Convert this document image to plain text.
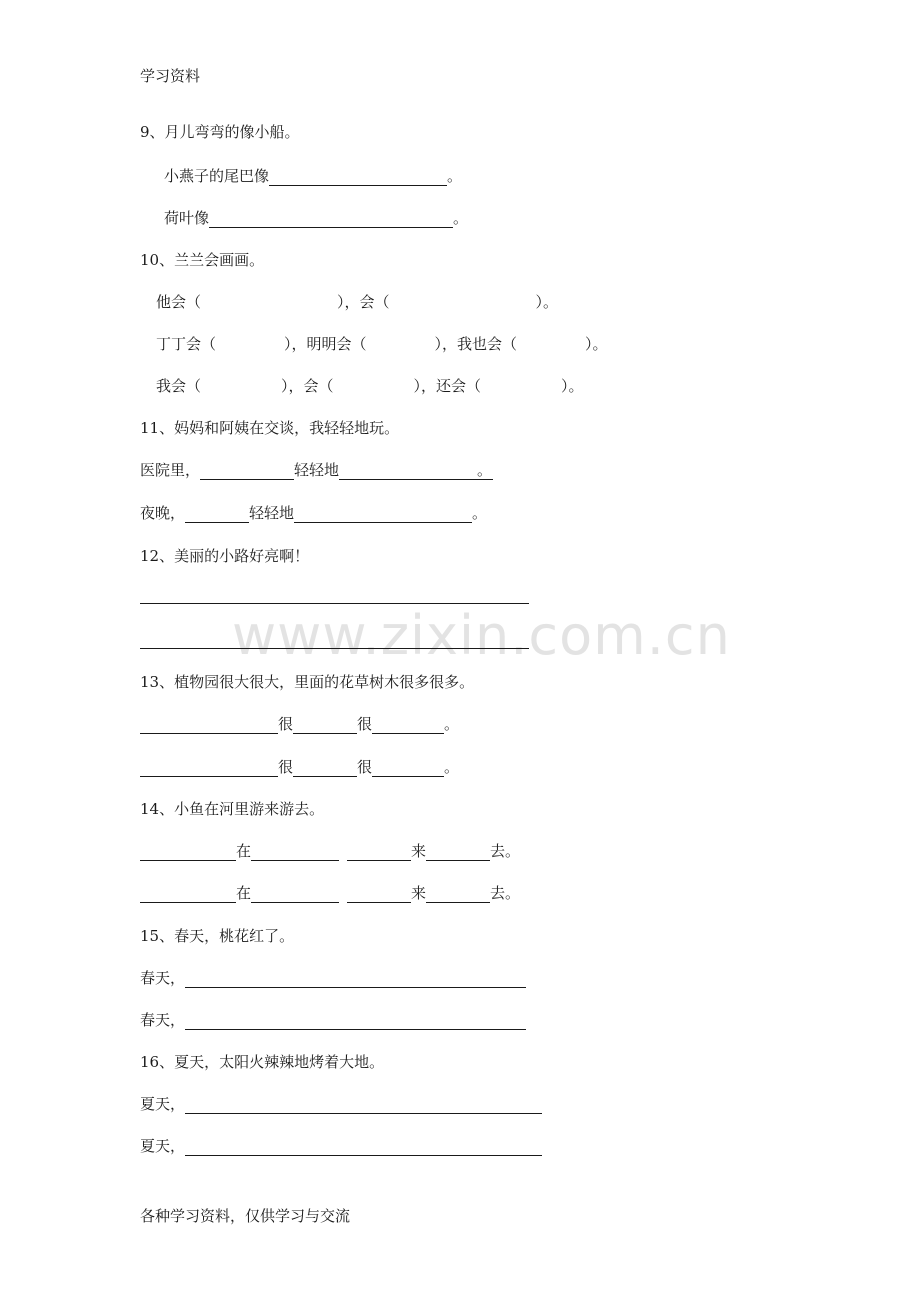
学习资料
www.zixin.com.cn
9、月儿弯弯的像小船。
小燕子的尾巴像	。
荷叶像	。
10、兰兰会画画。
他会（	），会（	）。
丁丁会（	），明明会（	），我也会（	）。
我会（	），会（	），还会（	）。
11、妈妈和阿姨在交谈，我轻轻地玩。
医院里，	轻轻地	。
夜晚，	轻轻地	。
12、美丽的小路好亮啊！
13、植物园很大很大，里面的花草树木很多很多。
很	很	。
很	很	。
14、小鱼在河里游来游去。
在	来	去。
在	来	去。
15、春天，桃花红了。
春天，
春天，
16、夏天，太阳火辣辣地烤着大地。
夏天，
夏天，
各种学习资料，仅供学习与交流
